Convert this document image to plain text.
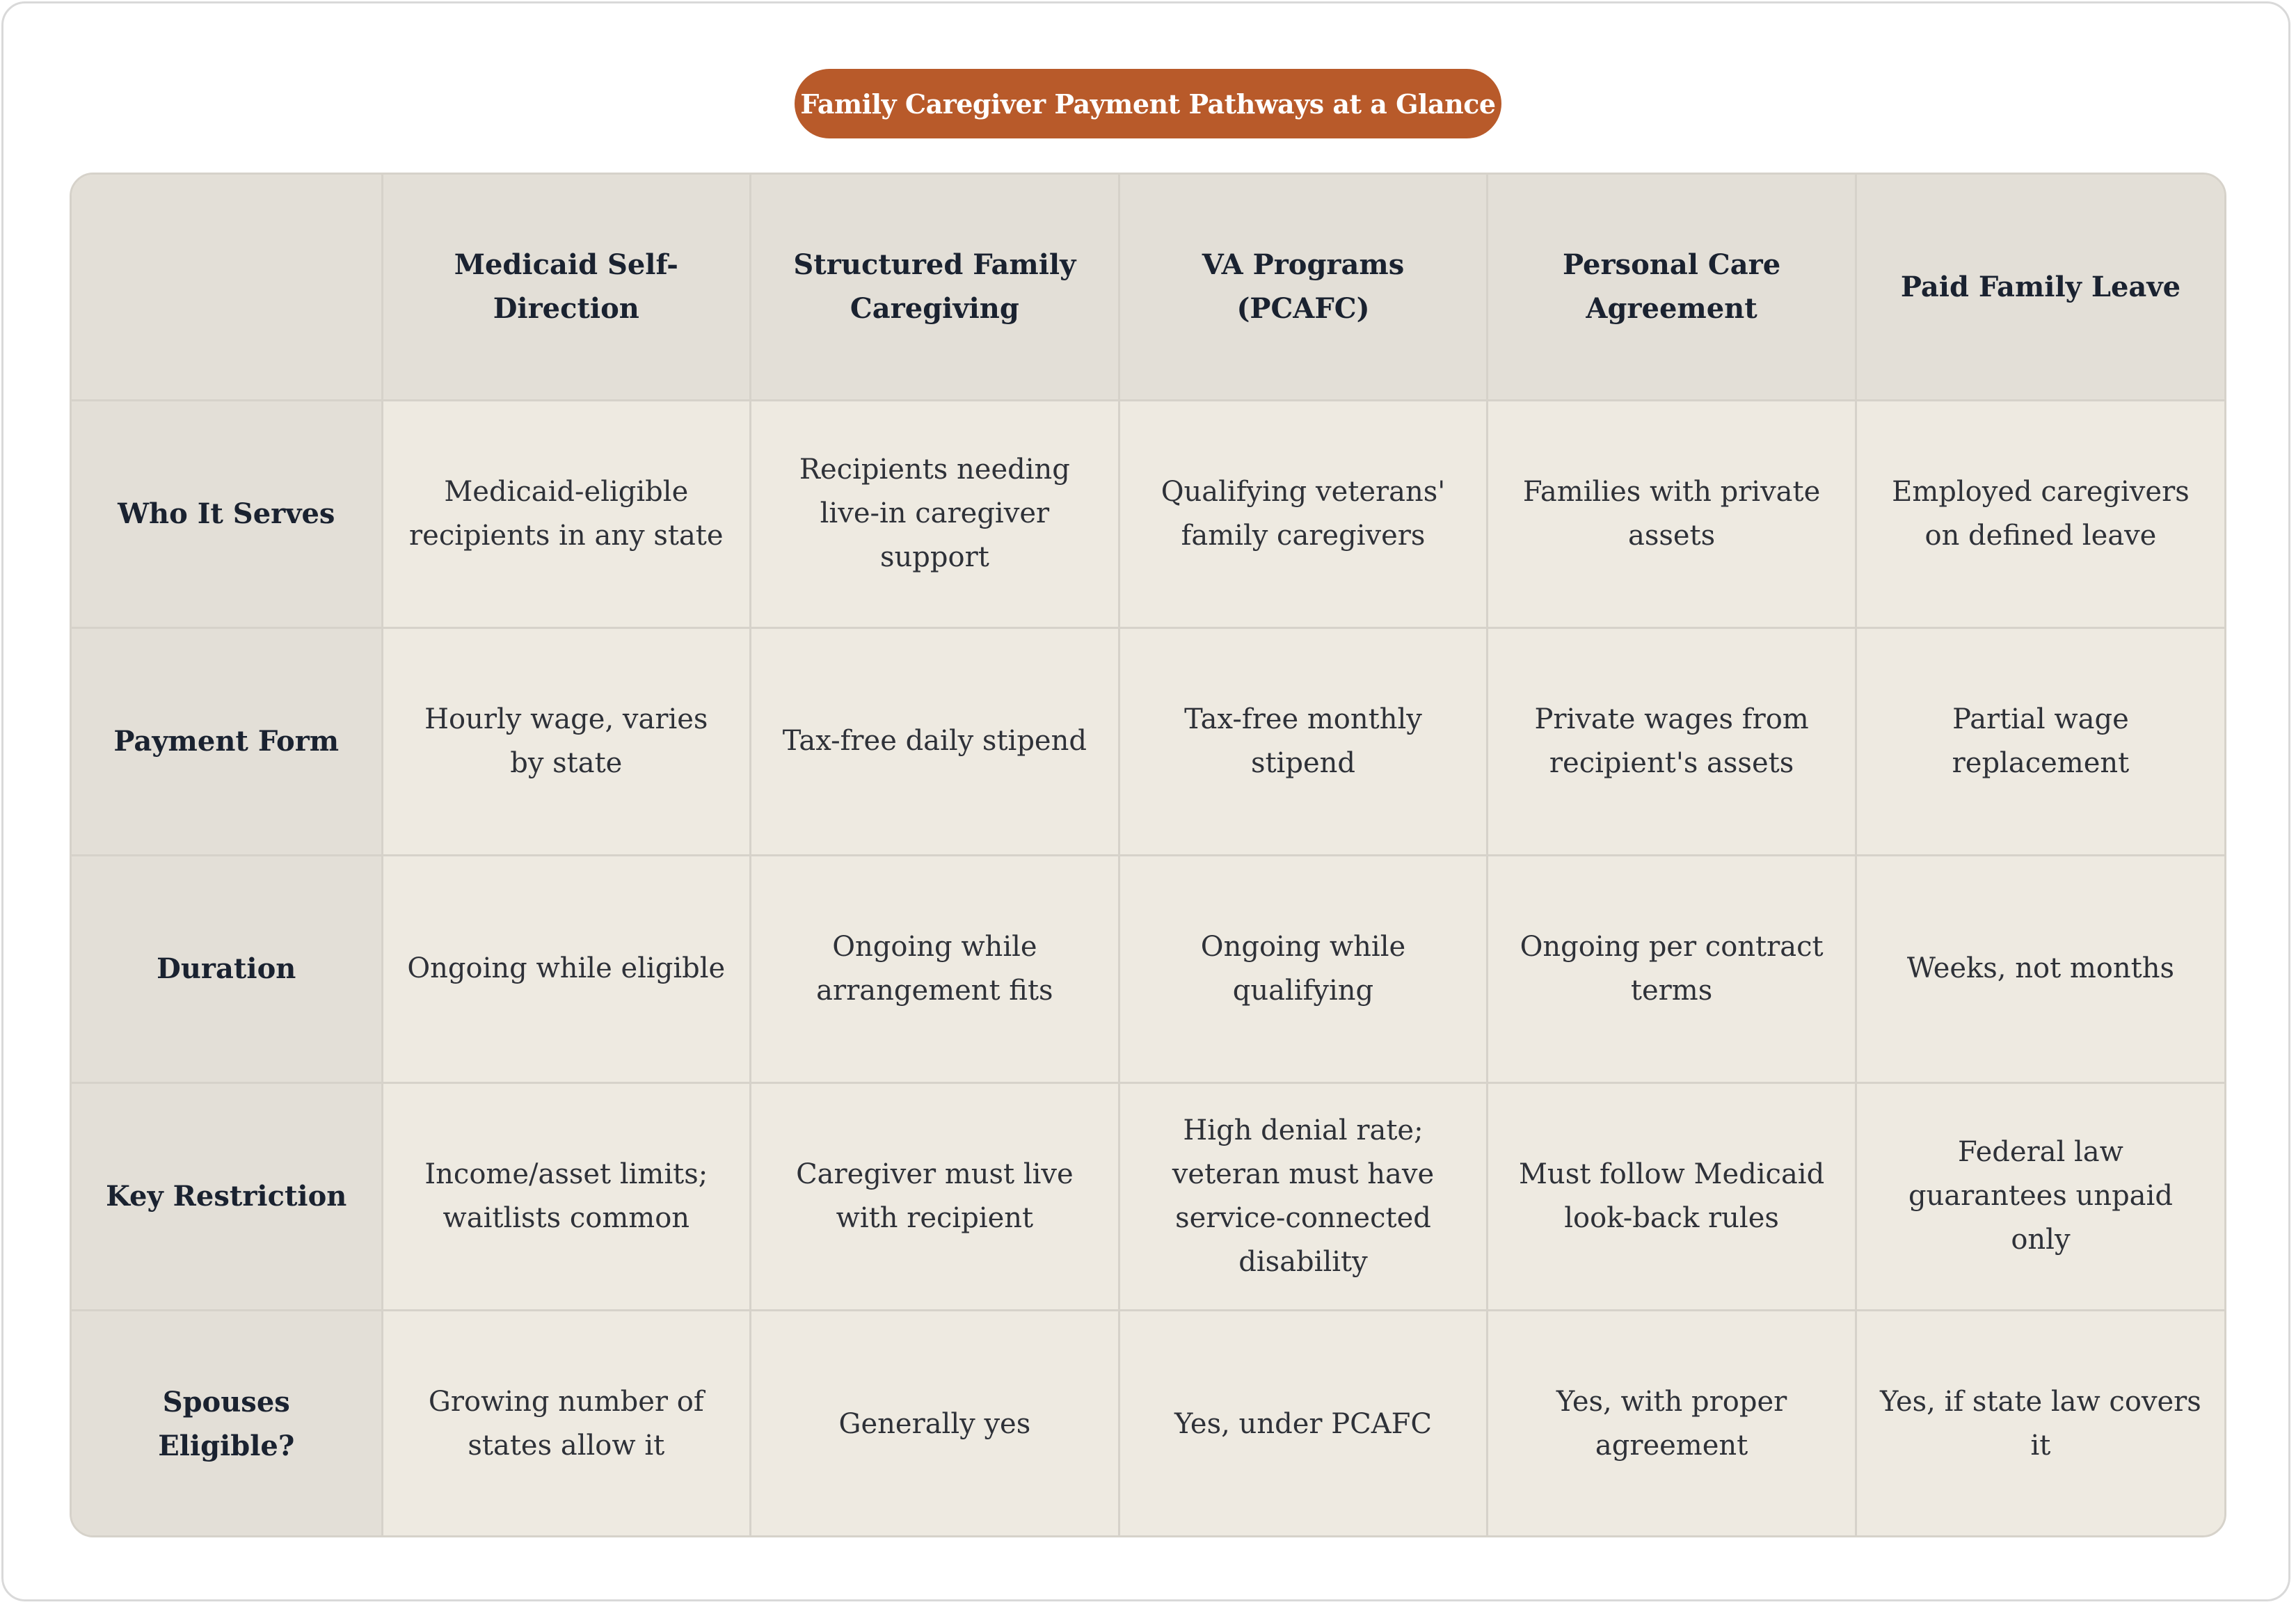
Family Caregiver Payment Pathways at a Glance
	Medicaid Self-Direction	Structured Family Caregiving	VA Programs (PCAFC)	Personal Care Agreement	Paid Family Leave
Who It Serves	Medicaid-eligible recipients in any state	Recipients needing live-in caregiver support	Qualifying veterans' family caregivers	Families with private assets	Employed caregivers on defined leave
Payment Form	Hourly wage, varies by state	Tax-free daily stipend	Tax-free monthly stipend	Private wages from recipient's assets	Partial wage replacement
Duration	Ongoing while eligible	Ongoing while arrangement fits	Ongoing while qualifying	Ongoing per contract terms	Weeks, not months
Key Restriction	Income/asset limits; waitlists common	Caregiver must live with recipient	High denial rate; veteran must have service-connected disability	Must follow Medicaid look-back rules	Federal law guarantees unpaid only
Spouses Eligible?	Growing number of states allow it	Generally yes	Yes, under PCAFC	Yes, with proper agreement	Yes, if state law covers it
